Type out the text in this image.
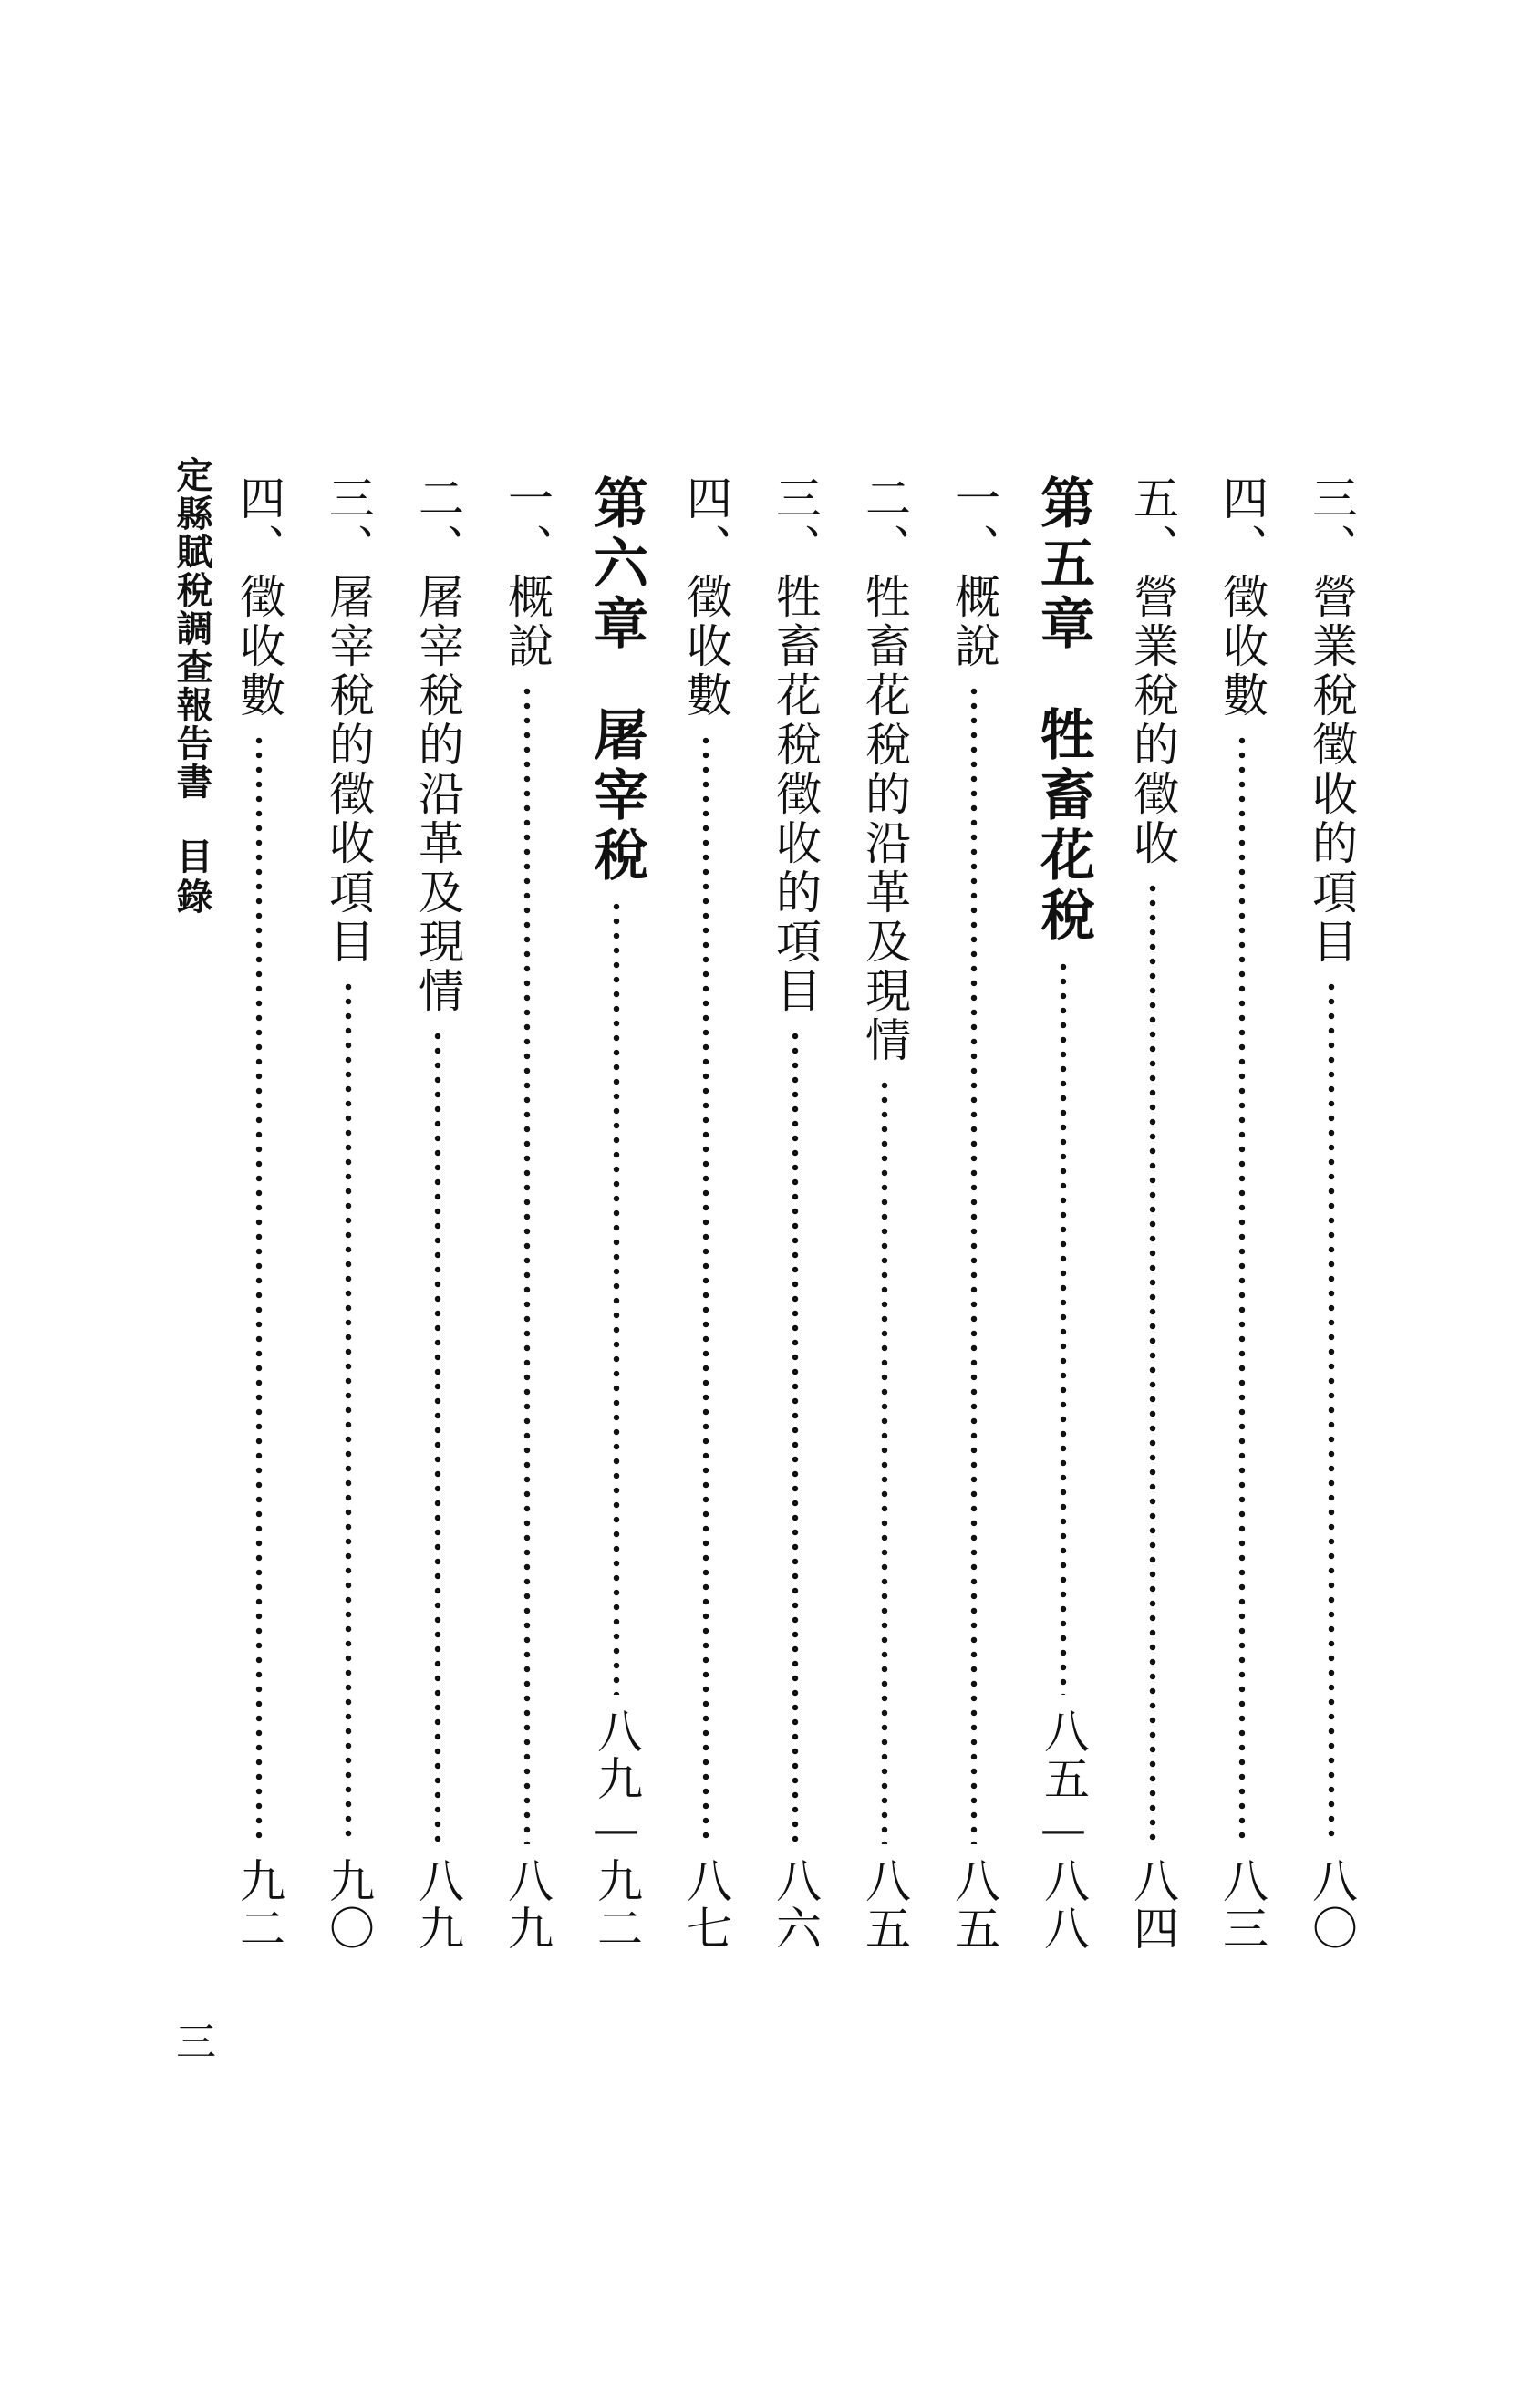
三、營業稅徵收的項目
八〇
四、徵收數
八三
五、營業稅的徵收
八四
第五章
牲畜花稅
八五—八八
一、概說
八五
二、牲畜花稅的沿革及現情
八五
三、牲畜花稅徵收的項目
八六
四、徵收數
八七
第六章
屠宰稅
八九—九二
一、概說
八九
二、屠宰稅的沿革及現情
八九
三、屠宰稅的徵收項目
九〇
四、徵收數
九二
定縣賦稅調查報告書
目錄
三
